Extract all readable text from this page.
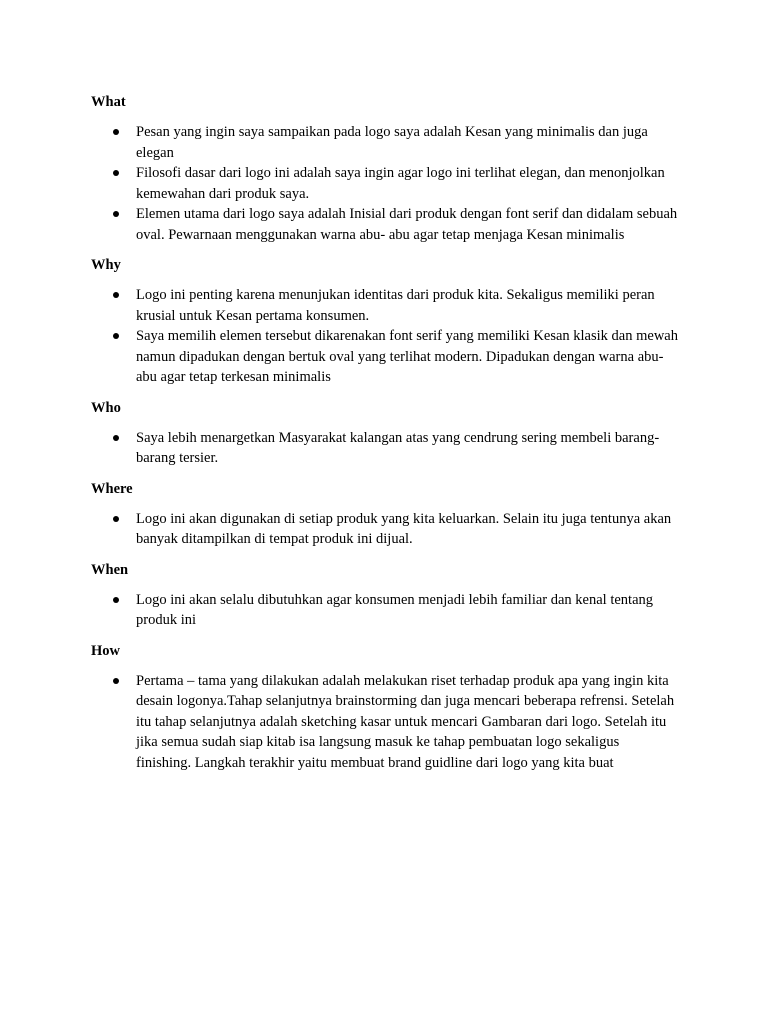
What
Pesan yang ingin saya sampaikan pada logo saya adalah Kesan yang minimalis dan juga elegan
Filosofi dasar dari logo ini adalah saya ingin agar logo ini terlihat elegan, dan menonjolkan kemewahan dari produk saya.
Elemen utama dari logo saya adalah Inisial dari produk dengan font serif dan didalam sebuah oval. Pewarnaan menggunakan warna abu- abu agar tetap menjaga Kesan minimalis
Why
Logo ini penting karena menunjukan identitas dari produk kita. Sekaligus memiliki peran krusial untuk Kesan pertama konsumen.
Saya memilih elemen tersebut dikarenakan font serif yang memiliki Kesan klasik dan mewah namun dipadukan dengan bertuk oval yang terlihat modern. Dipadukan dengan warna abu-abu agar tetap terkesan minimalis
Who
Saya lebih menargetkan Masyarakat kalangan atas yang cendrung sering membeli barang-barang tersier.
Where
Logo ini akan digunakan di setiap produk yang kita keluarkan. Selain itu juga tentunya akan banyak ditampilkan di tempat produk ini dijual.
When
Logo ini akan selalu dibutuhkan agar konsumen menjadi lebih familiar dan kenal tentang produk ini
How
Pertama – tama yang dilakukan adalah melakukan riset terhadap produk apa yang ingin kita desain logonya.Tahap selanjutnya brainstorming dan juga mencari beberapa refrensi. Setelah itu tahap selanjutnya adalah sketching kasar untuk mencari Gambaran dari logo. Setelah itu jika semua sudah siap kitab isa langsung masuk ke tahap pembuatan logo sekaligus finishing. Langkah terakhir yaitu membuat brand guidline dari logo yang kita buat
